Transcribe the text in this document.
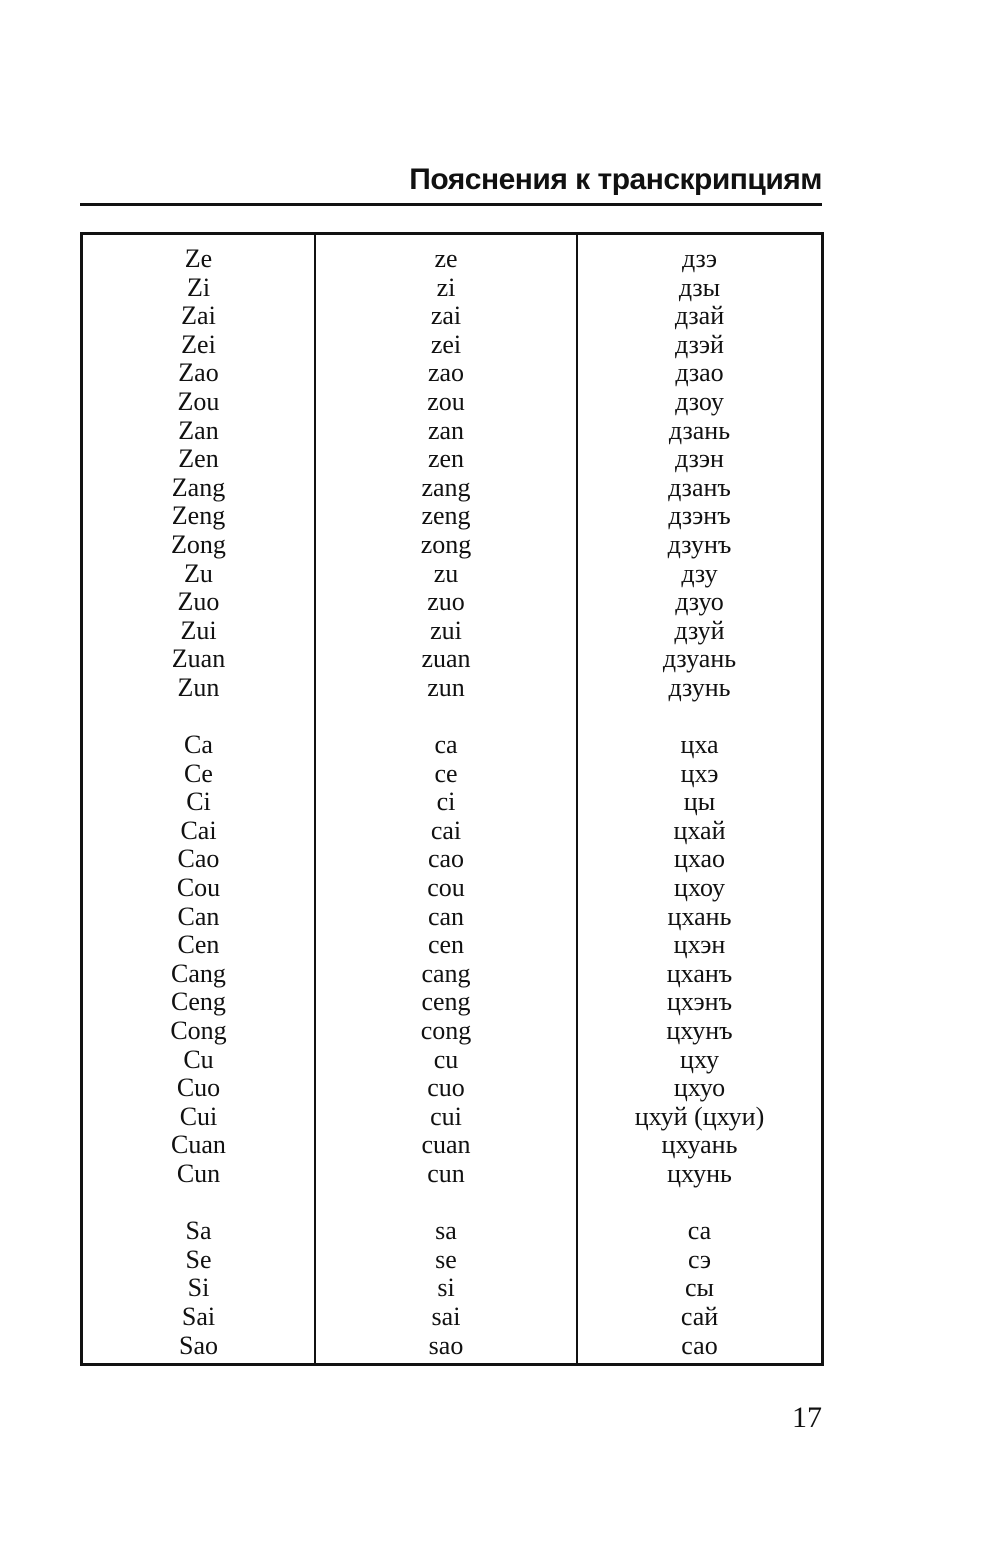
Пояснения к транскрипциям
Ze
Zi
Zai
Zei
Zao
Zou
Zan
Zen
Zang
Zeng
Zong
Zu
Zuo
Zui
Zuan
Zun
Ca
Ce
Ci
Cai
Cao
Cou
Can
Cen
Cang
Ceng
Cong
Cu
Cuo
Cui
Cuan
Cun
Sa
Se
Si
Sai
Sao
ze
zi
zai
zei
zao
zou
zan
zen
zang
zeng
zong
zu
zuo
zui
zuan
zun
ca
ce
ci
cai
cao
cou
can
cen
cang
ceng
cong
cu
cuo
cui
cuan
cun
sa
se
si
sai
sao
дзэ
дзы
дзай
дзэй
дзао
дзоу
дзань
дзэн
дзанъ
дзэнъ
дзунъ
дзу
дзуо
дзуй
дзуань
дзунь
цха
цхэ
цы
цхай
цхао
цхоу
цхань
цхэн
цханъ
цхэнъ
цхунъ
цху
цхуо
цхуй (цхуи)
цхуань
цхунь
са
сэ
сы
сай
сао
17
